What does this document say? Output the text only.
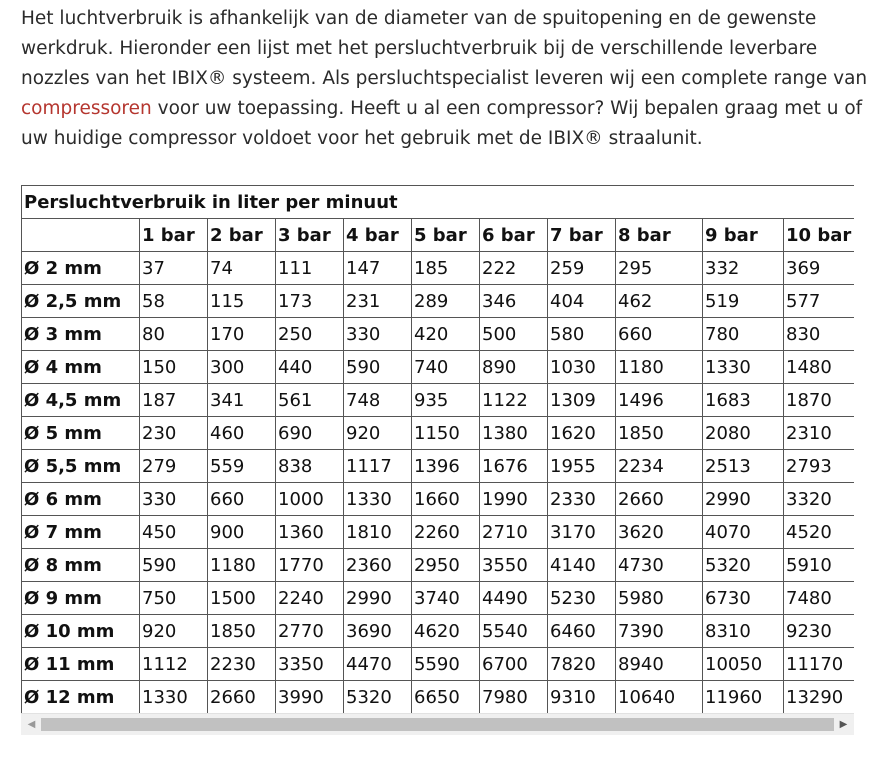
Het luchtverbruik is afhankelijk van de diameter van de spuitopening en de gewenste werkdruk. Hieronder een lijst met het persluchtverbruik bij de verschillende leverbare nozzles van het IBIX® systeem. Als persluchtspecialist leveren wij een complete range van compressoren voor uw toepassing. Heeft u al een compressor? Wij bepalen graag met u of uw huidige compressor voldoet voor het gebruik met de IBIX® straalunit.
Persluchtverbruik in liter per minuut										
	1 bar	2 bar	3 bar	4 bar	5 bar	6 bar	7 bar	8 bar	9 bar	10 bar
Ø 2 mm	37	74	111	147	185	222	259	295	332	369
Ø 2,5 mm	58	115	173	231	289	346	404	462	519	577
Ø 3 mm	80	170	250	330	420	500	580	660	780	830
Ø 4 mm	150	300	440	590	740	890	1030	1180	1330	1480
Ø 4,5 mm	187	341	561	748	935	1122	1309	1496	1683	1870
Ø 5 mm	230	460	690	920	1150	1380	1620	1850	2080	2310
Ø 5,5 mm	279	559	838	1117	1396	1676	1955	2234	2513	2793
Ø 6 mm	330	660	1000	1330	1660	1990	2330	2660	2990	3320
Ø 7 mm	450	900	1360	1810	2260	2710	3170	3620	4070	4520
Ø 8 mm	590	1180	1770	2360	2950	3550	4140	4730	5320	5910
Ø 9 mm	750	1500	2240	2990	3740	4490	5230	5980	6730	7480
Ø 10 mm	920	1850	2770	3690	4620	5540	6460	7390	8310	9230
Ø 11 mm	1112	2230	3350	4470	5590	6700	7820	8940	10050	11170
Ø 12 mm	1330	2660	3990	5320	6650	7980	9310	10640	11960	13290
◀	▶
